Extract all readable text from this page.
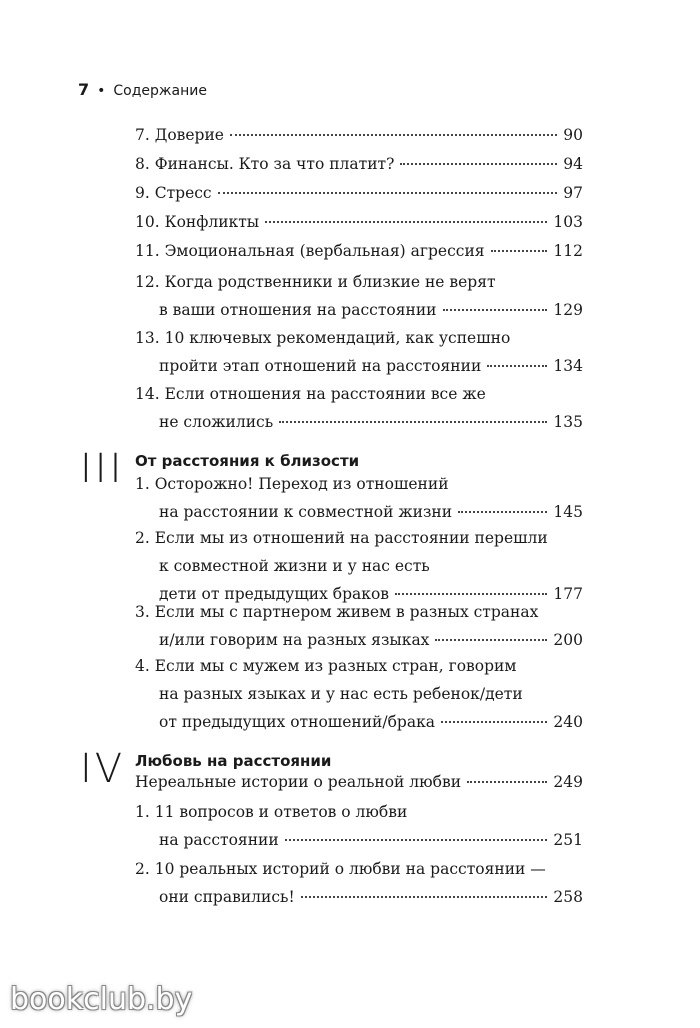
7 • Содержание
7. Доверие	90
8. Финансы. Кто за что платит?	94
9. Стресс	97
10. Конфликты	103
11. Эмоциональная (вербальная) агрессия	112
12. Когда родственники и близкие не верят
в ваши отношения на расстоянии	129
13. 10 ключевых рекомендаций, как успешно
пройти этап отношений на расстоянии	134
14. Если отношения на расстоянии все же
не сложились	135
1. Осторожно! Переход из отношений
на расстоянии к совместной жизни	145
2. Если мы из отношений на расстоянии перешли
к совместной жизни и у нас есть
дети от предыдущих браков	177
3. Если мы с партнером живем в разных странах
и/или говорим на разных языках	200
4. Если мы с мужем из разных стран, говорим
на разных языках и у нас есть ребенок/дети
от предыдущих отношений/брака	240
Нереальные истории о реальной любви	249
1. 11 вопросов и ответов о любви
на расстоянии	251
2. 10 реальных историй о любви на расстоянии —
они справились!	258
III От расстояния к близости
IV Любовь на расстоянии
bookclub.by
